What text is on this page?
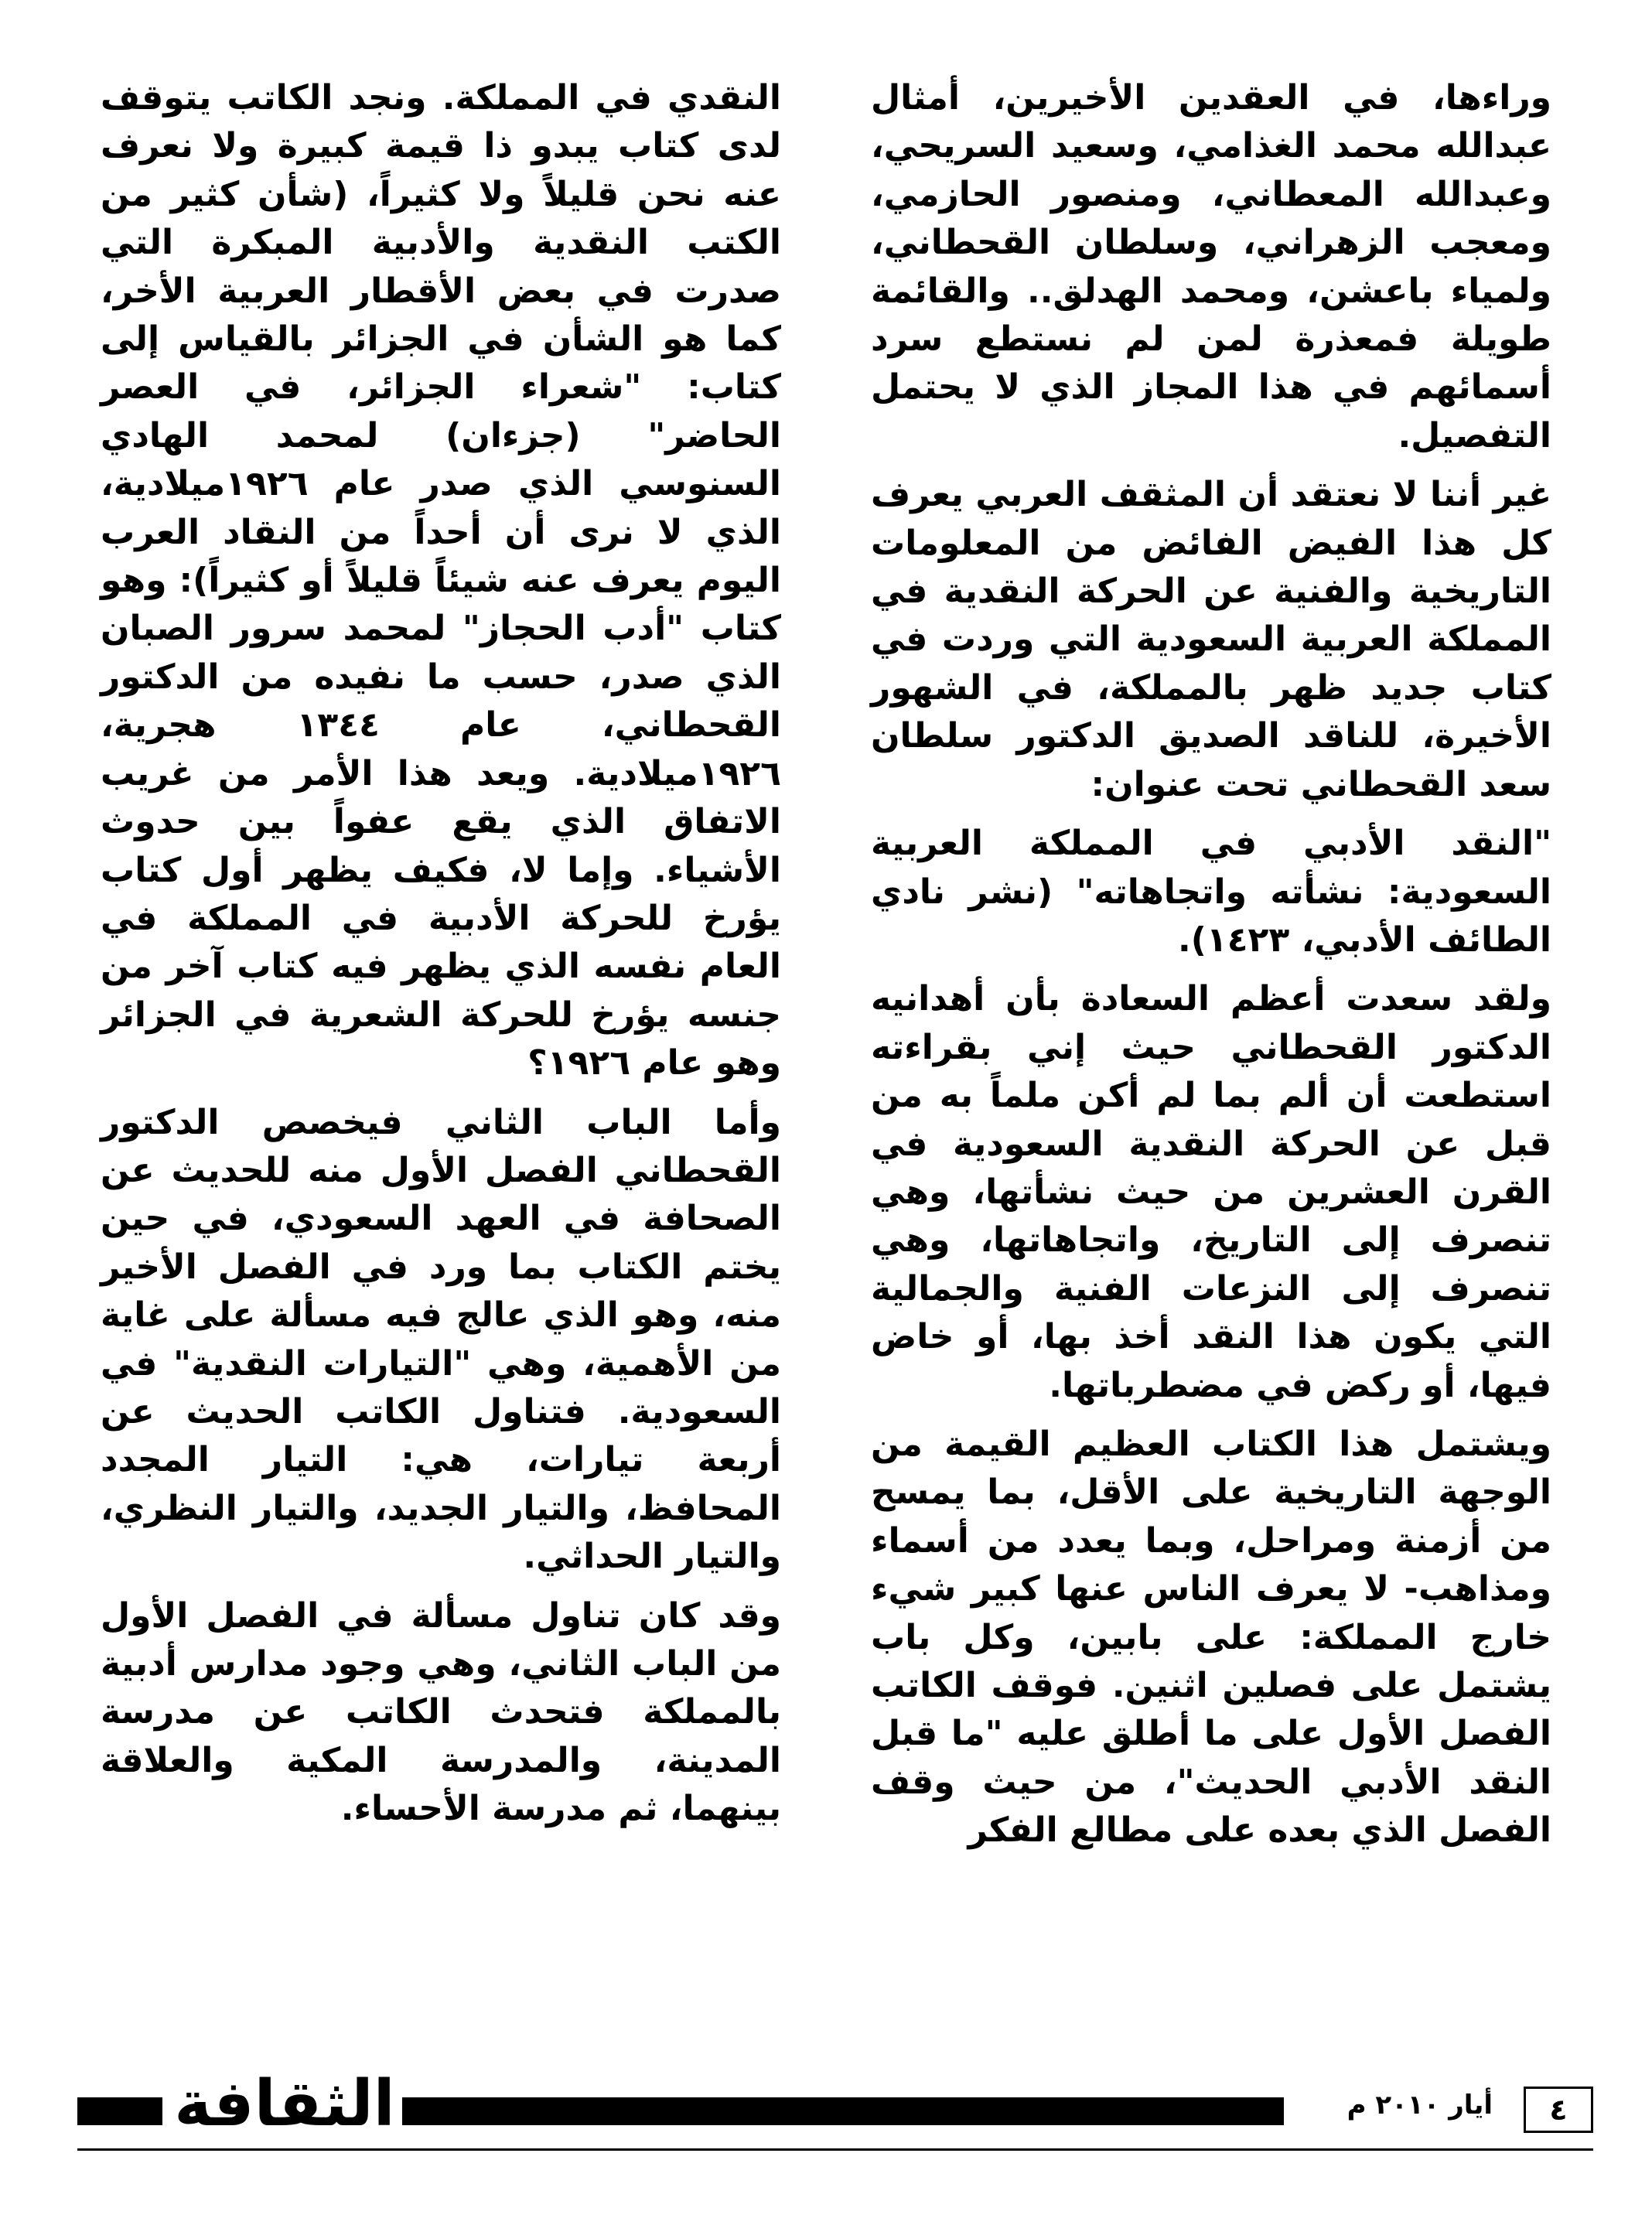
وراءها، في العقدين الأخيرين، أمثال عبدالله محمد الغذامي، وسعيد السريحي، وعبدالله المعطاني، ومنصور الحازمي، ومعجب الزهراني، وسلطان القحطاني، ولمياء باعشن، ومحمد الهدلق.. والقائمة طويلة فمعذرة لمن لم نستطع سرد أسمائهم في هذا المجاز الذي لا يحتمل التفصيل.

غير أننا لا نعتقد أن المثقف العربي يعرف كل هذا الفيض الفائض من المعلومات التاريخية والفنية عن الحركة النقدية في المملكة العربية السعودية التي وردت في كتاب جديد ظهر بالمملكة، في الشهور الأخيرة، للناقد الصديق الدكتور سلطان سعد القحطاني تحت عنوان:

"النقد الأدبي في المملكة العربية السعودية: نشأته واتجاهاته" (نشر نادي الطائف الأدبي، ١٤٢٣).

ولقد سعدت أعظم السعادة بأن أهدانيه الدكتور القحطاني حيث إني بقراءته استطعت أن ألم بما لم أكن ملماً به من قبل عن الحركة النقدية السعودية في القرن العشرين من حيث نشأتها، وهي تنصرف إلى التاريخ، واتجاهاتها، وهي تنصرف إلى النزعات الفنية والجمالية التي يكون هذا النقد أخذ بها، أو خاض فيها، أو ركض في مضطرباتها.

ويشتمل هذا الكتاب العظيم القيمة من الوجهة التاريخية على الأقل، بما يمسح من أزمنة ومراحل، وبما يعدد من أسماء ومذاهب- لا يعرف الناس عنها كبير شيء خارج المملكة: على بابين، وكل باب يشتمل على فصلين اثنين. فوقف الكاتب الفصل الأول على ما أطلق عليه "ما قبل النقد الأدبي الحديث"، من حيث وقف الفصل الذي بعده على مطالع الفكر

النقدي في المملكة. ونجد الكاتب يتوقف لدى كتاب يبدو ذا قيمة كبيرة ولا نعرف عنه نحن قليلاً ولا كثيراً، (شأن كثير من الكتب النقدية والأدبية المبكرة التي صدرت في بعض الأقطار العربية الأخر، كما هو الشأن في الجزائر بالقياس إلى كتاب: "شعراء الجزائر، في العصر الحاضر" (جزءان) لمحمد الهادي السنوسي الذي صدر عام ١٩٢٦ميلادية، الذي لا نرى أن أحداً من النقاد العرب اليوم يعرف عنه شيئاً قليلاً أو كثيراً): وهو كتاب "أدب الحجاز" لمحمد سرور الصبان الذي صدر، حسب ما نفيده من الدكتور القحطاني، عام ١٣٤٤ هجرية، ١٩٢٦ميلادية. ويعد هذا الأمر من غريب الاتفاق الذي يقع عفواً بين حدوث الأشياء. وإما لا، فكيف يظهر أول كتاب يؤرخ للحركة الأدبية في المملكة في العام نفسه الذي يظهر فيه كتاب آخر من جنسه يؤرخ للحركة الشعرية في الجزائر وهو عام ١٩٢٦؟

وأما الباب الثاني فيخصص الدكتور القحطاني الفصل الأول منه للحديث عن الصحافة في العهد السعودي، في حين يختم الكتاب بما ورد في الفصل الأخير منه، وهو الذي عالج فيه مسألة على غاية من الأهمية، وهي "التيارات النقدية" في السعودية. فتناول الكاتب الحديث عن أربعة تيارات، هي: التيار المجدد المحافظ، والتيار الجديد، والتيار النظري، والتيار الحداثي.

وقد كان تناول مسألة في الفصل الأول من الباب الثاني، وهي وجود مدارس أدبية بالمملكة فتحدث الكاتب عن مدرسة المدينة، والمدرسة المكية والعلاقة بينهما، ثم مدرسة الأحساء.

الثقافة	أيار ٢٠١٠ م	٤
